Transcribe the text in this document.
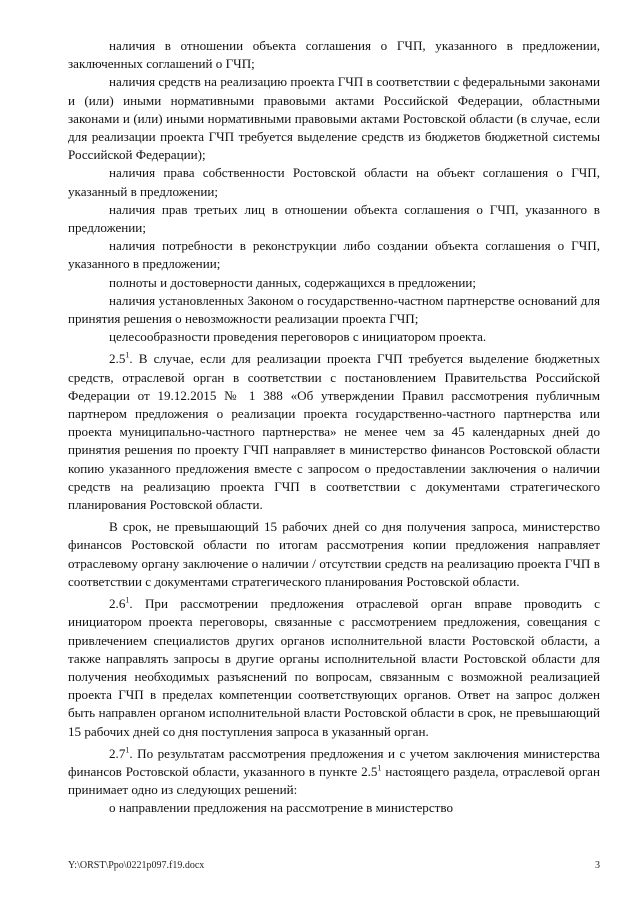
наличия в отношении объекта соглашения о ГЧП, указанного в предложении, заключенных соглашений о ГЧП;

наличия средств на реализацию проекта ГЧП в соответствии с федеральными законами и (или) иными нормативными правовыми актами Российской Федерации, областными законами и (или) иными нормативными правовыми актами Ростовской области (в случае, если для реализации проекта ГЧП требуется выделение средств из бюджетов бюджетной системы Российской Федерации);

наличия права собственности Ростовской области на объект соглашения о ГЧП, указанный в предложении;

наличия прав третьих лиц в отношении объекта соглашения о ГЧП, указанного в предложении;

наличия потребности в реконструкции либо создании объекта соглашения о ГЧП, указанного в предложении;

полноты и достоверности данных, содержащихся в предложении;

наличия установленных Законом о государственно-частном партнерстве оснований для принятия решения о невозможности реализации проекта ГЧП;

целесообразности проведения переговоров с инициатором проекта.

$2.5^1$. В случае, если для реализации проекта ГЧП требуется выделение бюджетных средств, отраслевой орган в соответствии с постановлением Правительства Российской Федерации от 19.12.2015 № 1 388 «Об утверждении Правил рассмотрения публичным партнером предложения о реализации проекта государственно-частного партнерства или проекта муниципально-частного партнерства» не менее чем за 45 календарных дней до принятия решения по проекту ГЧП направляет в министерство финансов Ростовской области копию указанного предложения вместе с запросом о предоставлении заключения о наличии средств на реализацию проекта ГЧП в соответствии с документами стратегического планирования Ростовской области.

В срок, не превышающий 15 рабочих дней со дня получения запроса, министерство финансов Ростовской области по итогам рассмотрения копии предложения направляет отраслевому органу заключение о наличии / отсутствии средств на реализацию проекта ГЧП в соответствии с документами стратегического планирования Ростовской области.

$2.6^1$. При рассмотрении предложения отраслевой орган вправе проводить с инициатором проекта переговоры, связанные с рассмотрением предложения, совещания с привлечением специалистов других органов исполнительной власти Ростовской области, а также направлять запросы в другие органы исполнительной власти Ростовской области для получения необходимых разъяснений по вопросам, связанным с возможной реализацией проекта ГЧП в пределах компетенции соответствующих органов. Ответ на запрос должен быть направлен органом исполнительной власти Ростовской области в срок, не превышающий 15 рабочих дней со дня поступления запроса в указанный орган.

$2.7^1$. По результатам рассмотрения предложения и с учетом заключения министерства финансов Ростовской области, указанного в пункте $2.5^1$ настоящего раздела, отраслевой орган принимает одно из следующих решений:

о направлении предложения на рассмотрение в министерство

Y:\ORST\Ppo\0221p097.f19.docx	3
